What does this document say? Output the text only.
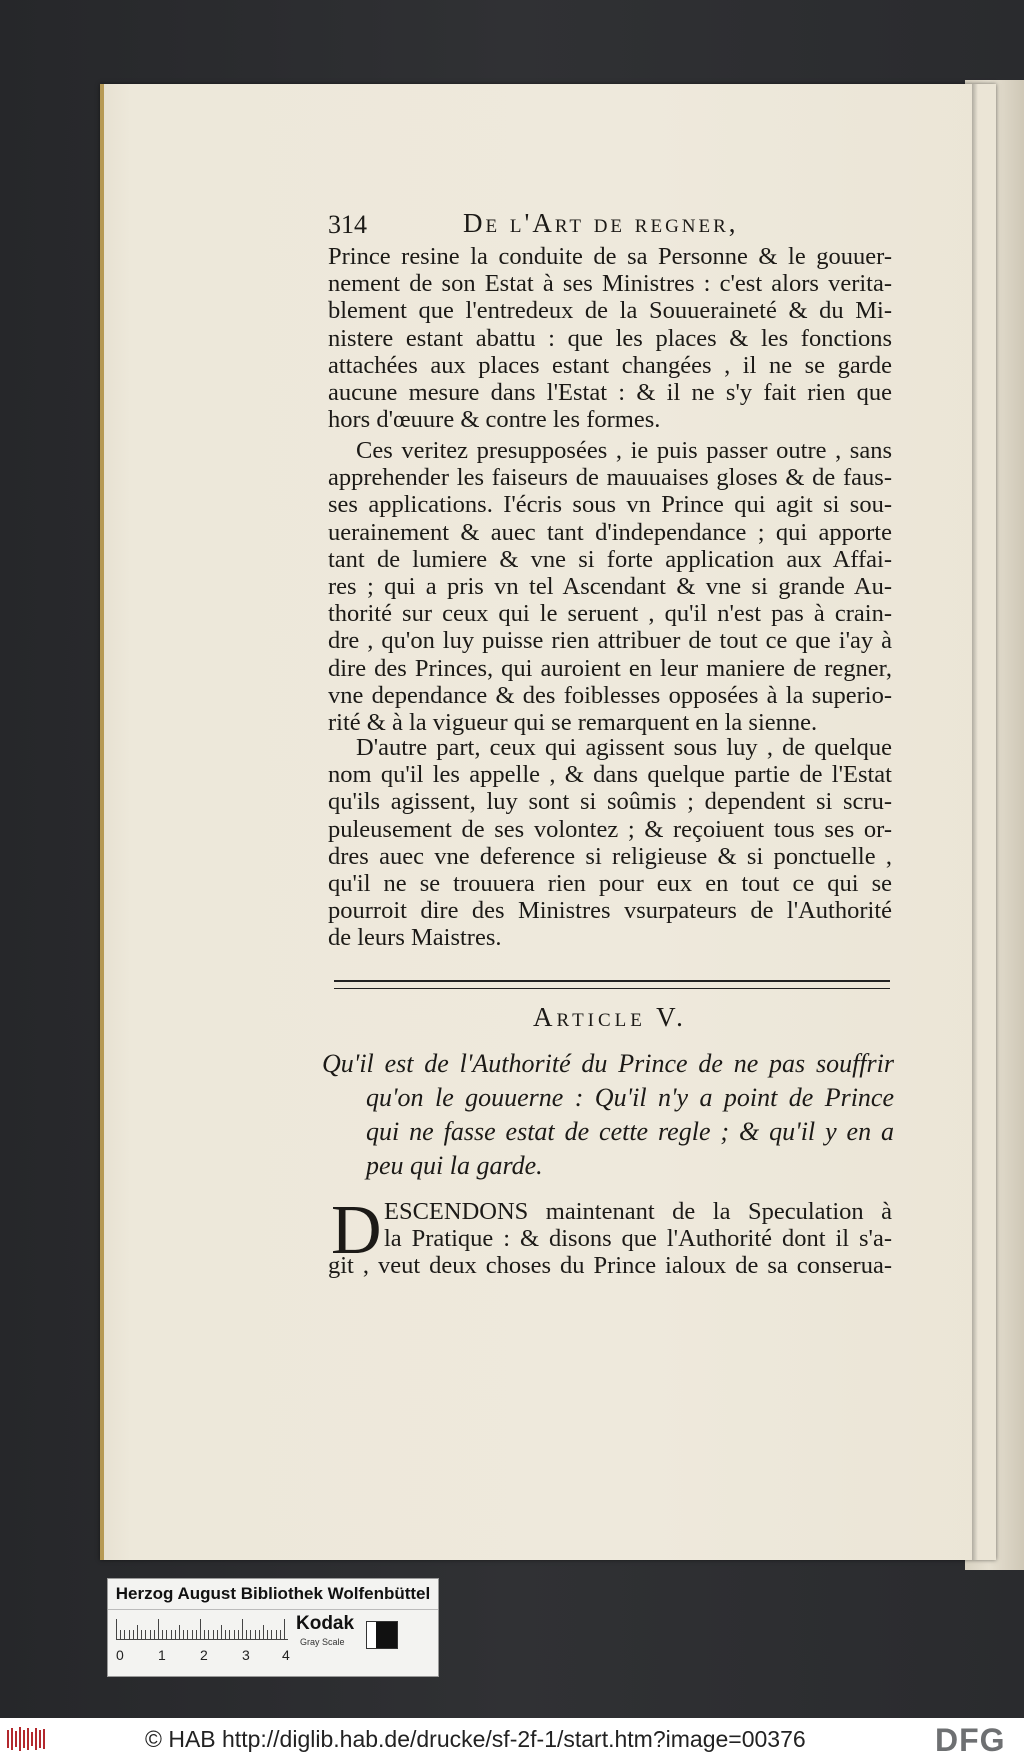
314	De l'Art de regner,
Prince resine la conduite de sa Personne & le gouuer-
nement de son Estat à ses Ministres : c'est alors verita-
blement que l'entredeux de la Souueraineté & du Mi-
nistere estant abattu : que les places & les fonctions
attachées aux places estant changées , il ne se garde
aucune mesure dans l'Estat : & il ne s'y fait rien que
hors d'œuure & contre les formes.
Ces veritez presupposées , ie puis passer outre , sans
apprehender les faiseurs de mauuaises gloses & de faus-
ses applications. I'écris sous vn Prince qui agit si sou-
uerainement & auec tant d'independance ; qui apporte
tant de lumiere & vne si forte application aux Affai-
res ; qui a pris vn tel Ascendant & vne si grande Au-
thorité sur ceux qui le seruent , qu'il n'est pas à crain-
dre , qu'on luy puisse rien attribuer de tout ce que i'ay à
dire des Princes, qui auroient en leur maniere de regner,
vne dependance & des foiblesses opposées à la superio-
rité & à la vigueur qui se remarquent en la sienne.
D'autre part, ceux qui agissent sous luy , de quelque
nom qu'il les appelle , & dans quelque partie de l'Estat
qu'ils agissent, luy sont si soûmis ; dependent si scru-
puleusement de ses volontez ; & reçoiuent tous ses or-
dres auec vne deference si religieuse & si ponctuelle ,
qu'il ne se trouuera rien pour eux en tout ce qui se
pourroit dire des Ministres vsurpateurs de l'Authorité
de leurs Maistres.
Article V.
Qu'il est de l'Authorité du Prince de ne pas souffrir
qu'on le gouuerne : Qu'il n'y a point de Prince
qui ne fasse estat de cette regle ; & qu'il y en a
peu qui la garde.
D ESCENDONS maintenant de la Speculation à
la Pratique : & disons que l'Authorité dont il s'a-
git , veut deux choses du Prince ialoux de sa conserua-
Herzog August Bibliothek Wolfenbüttel
0 1 2 3 4
Kodak
Gray Scale
© HAB http://diglib.hab.de/drucke/sf-2f-1/start.htm?image=00376	DFG
